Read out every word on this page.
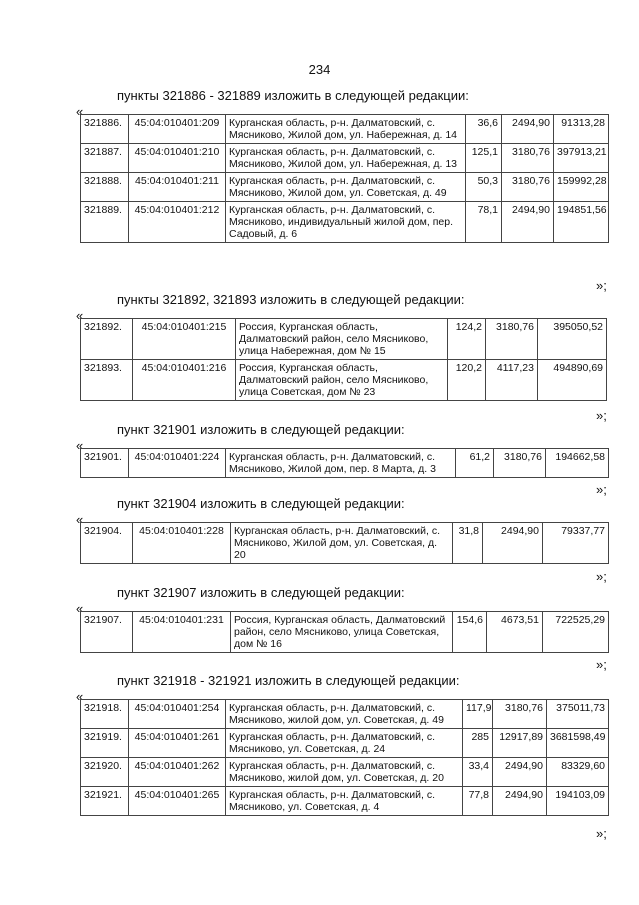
234
пункты 321886 - 321889 изложить в следующей редакции:
«
321886.	45:04:010401:209	Курганская область, р-н. Далматовский, с. Мясниково, Жилой дом, ул. Набережная, д. 14	36,6	2494,90	91313,28
321887.	45:04:010401:210	Курганская область, р-н. Далматовский, с. Мясниково, Жилой дом, ул. Набережная, д. 13	125,1	3180,76	397913,21
321888.	45:04:010401:211	Курганская область, р-н. Далматовский, с. Мясниково, Жилой дом, ул. Советская, д. 49	50,3	3180,76	159992,28
321889.	45:04:010401:212	Курганская область, р-н. Далматовский, с. Мясниково, индивидуальный жилой дом, пер. Садовый, д. 6	78,1	2494,90	194851,56
»;
пункты 321892, 321893 изложить в следующей редакции:
«
321892.	45:04:010401:215	Россия, Курганская область, Далматовский район, село Мясниково, улица Набережная, дом № 15	124,2	3180,76	395050,52
321893.	45:04:010401:216	Россия, Курганская область, Далматовский район, село Мясниково, улица Советская, дом № 23	120,2	4117,23	494890,69
»;
пункт 321901 изложить в следующей редакции:
«
321901.	45:04:010401:224	Курганская область, р-н. Далматовский, с. Мясниково, Жилой дом, пер. 8 Марта, д. 3	61,2	3180,76	194662,58
»;
пункт 321904 изложить в следующей редакции:
«
321904.	45:04:010401:228	Курганская область, р-н. Далматовский, с. Мясниково, Жилой дом, ул. Советская, д. 20	31,8	2494,90	79337,77
»;
пункт 321907 изложить в следующей редакции:
«
321907.	45:04:010401:231	Россия, Курганская область, Далматовский район, село Мясниково, улица Советская, дом № 16	154,6	4673,51	722525,29
»;
пункт 321918 - 321921 изложить в следующей редакции:
«
321918.	45:04:010401:254	Курганская область, р-н. Далматовский, с. Мясниково, жилой дом, ул. Советская, д. 49	117,9	3180,76	375011,73
321919.	45:04:010401:261	Курганская область, р-н. Далматовский, с. Мясниково, ул. Советская, д. 24	285	12917,89	3681598,49
321920.	45:04:010401:262	Курганская область, р-н. Далматовский, с. Мясниково, жилой дом, ул. Советская, д. 20	33,4	2494,90	83329,60
321921.	45:04:010401:265	Курганская область, р-н. Далматовский, с. Мясниково, ул. Советская, д. 4	77,8	2494,90	194103,09
»;
